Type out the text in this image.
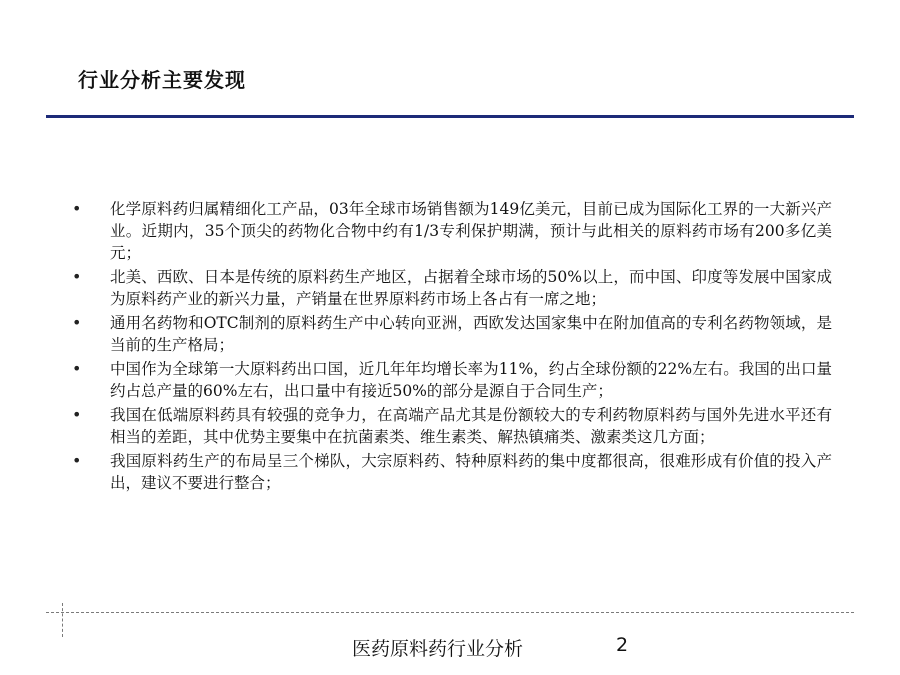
行业分析主要发现
• 化学原料药归属精细化工产品，03年全球市场销售额为149亿美元，目前已成为国际化工界的一大新兴产业。近期内，35个顶尖的药物化合物中约有1/3专利保护期满，预计与此相关的原料药市场有200多亿美元；
• 北美、西欧、日本是传统的原料药生产地区，占据着全球市场的50%以上，而中国、印度等发展中国家成为原料药产业的新兴力量，产销量在世界原料药市场上各占有一席之地；
• 通用名药物和OTC制剂的原料药生产中心转向亚洲，西欧发达国家集中在附加值高的专利名药物领域，是当前的生产格局；
• 中国作为全球第一大原料药出口国，近几年年均增长率为11%，约占全球份额的22%左右。我国的出口量约占总产量的60%左右，出口量中有接近50%的部分是源自于合同生产；
• 我国在低端原料药具有较强的竞争力，在高端产品尤其是份额较大的专利药物原料药与国外先进水平还有相当的差距，其中优势主要集中在抗菌素类、维生素类、解热镇痛类、激素类这几方面；
• 我国原料药生产的布局呈三个梯队，大宗原料药、特种原料药的集中度都很高，很难形成有价值的投入产出，建议不要进行整合；
医药原料药行业分析	2
